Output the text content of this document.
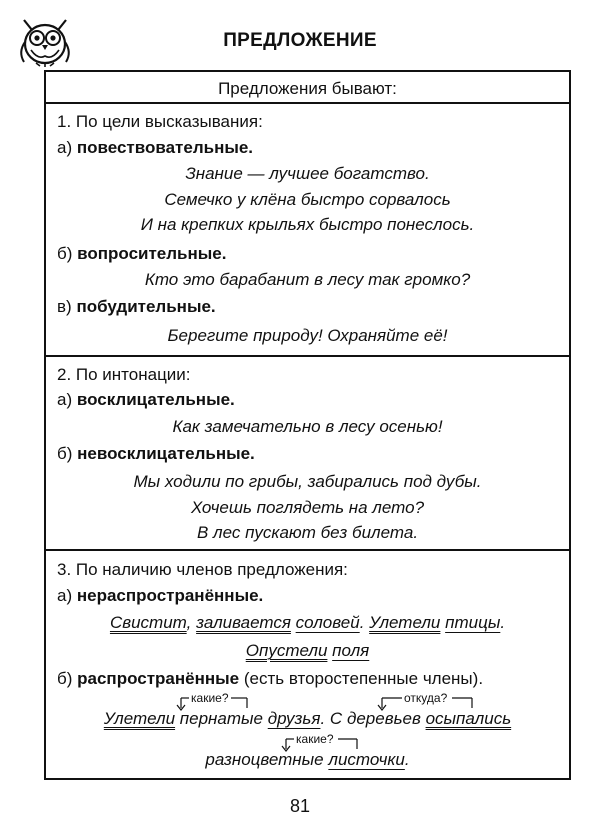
ПРЕДЛОЖЕНИЕ
Предложения бывают:
1. По цели высказывания:
а) повествовательные.
Знание — лучшее богатство.
Семечко у клёна быстро сорвалось
И на крепких крыльях быстро понеслось.
б) вопросительные.
Кто это барабанит в лесу так громко?
в) побудительные.
Берегите природу! Охраняйте её!
2. По интонации:
а) восклицательные.
Как замечательно в лесу осенью!
б) невосклицательные.
Мы ходили по грибы, забирались под дубы.
Хочешь поглядеть на лето?
В лес пускают без билета.
3. По наличию членов предложения:
а) нераспространённые.
Свистит, заливается соловей. Улетели птицы.
Опустели поля
б) распространённые (есть второстепенные члены).
какие?	откуда?
Улетели пернатые друзья. С деревьев осыпались
какие?
разноцветные листочки.
81
